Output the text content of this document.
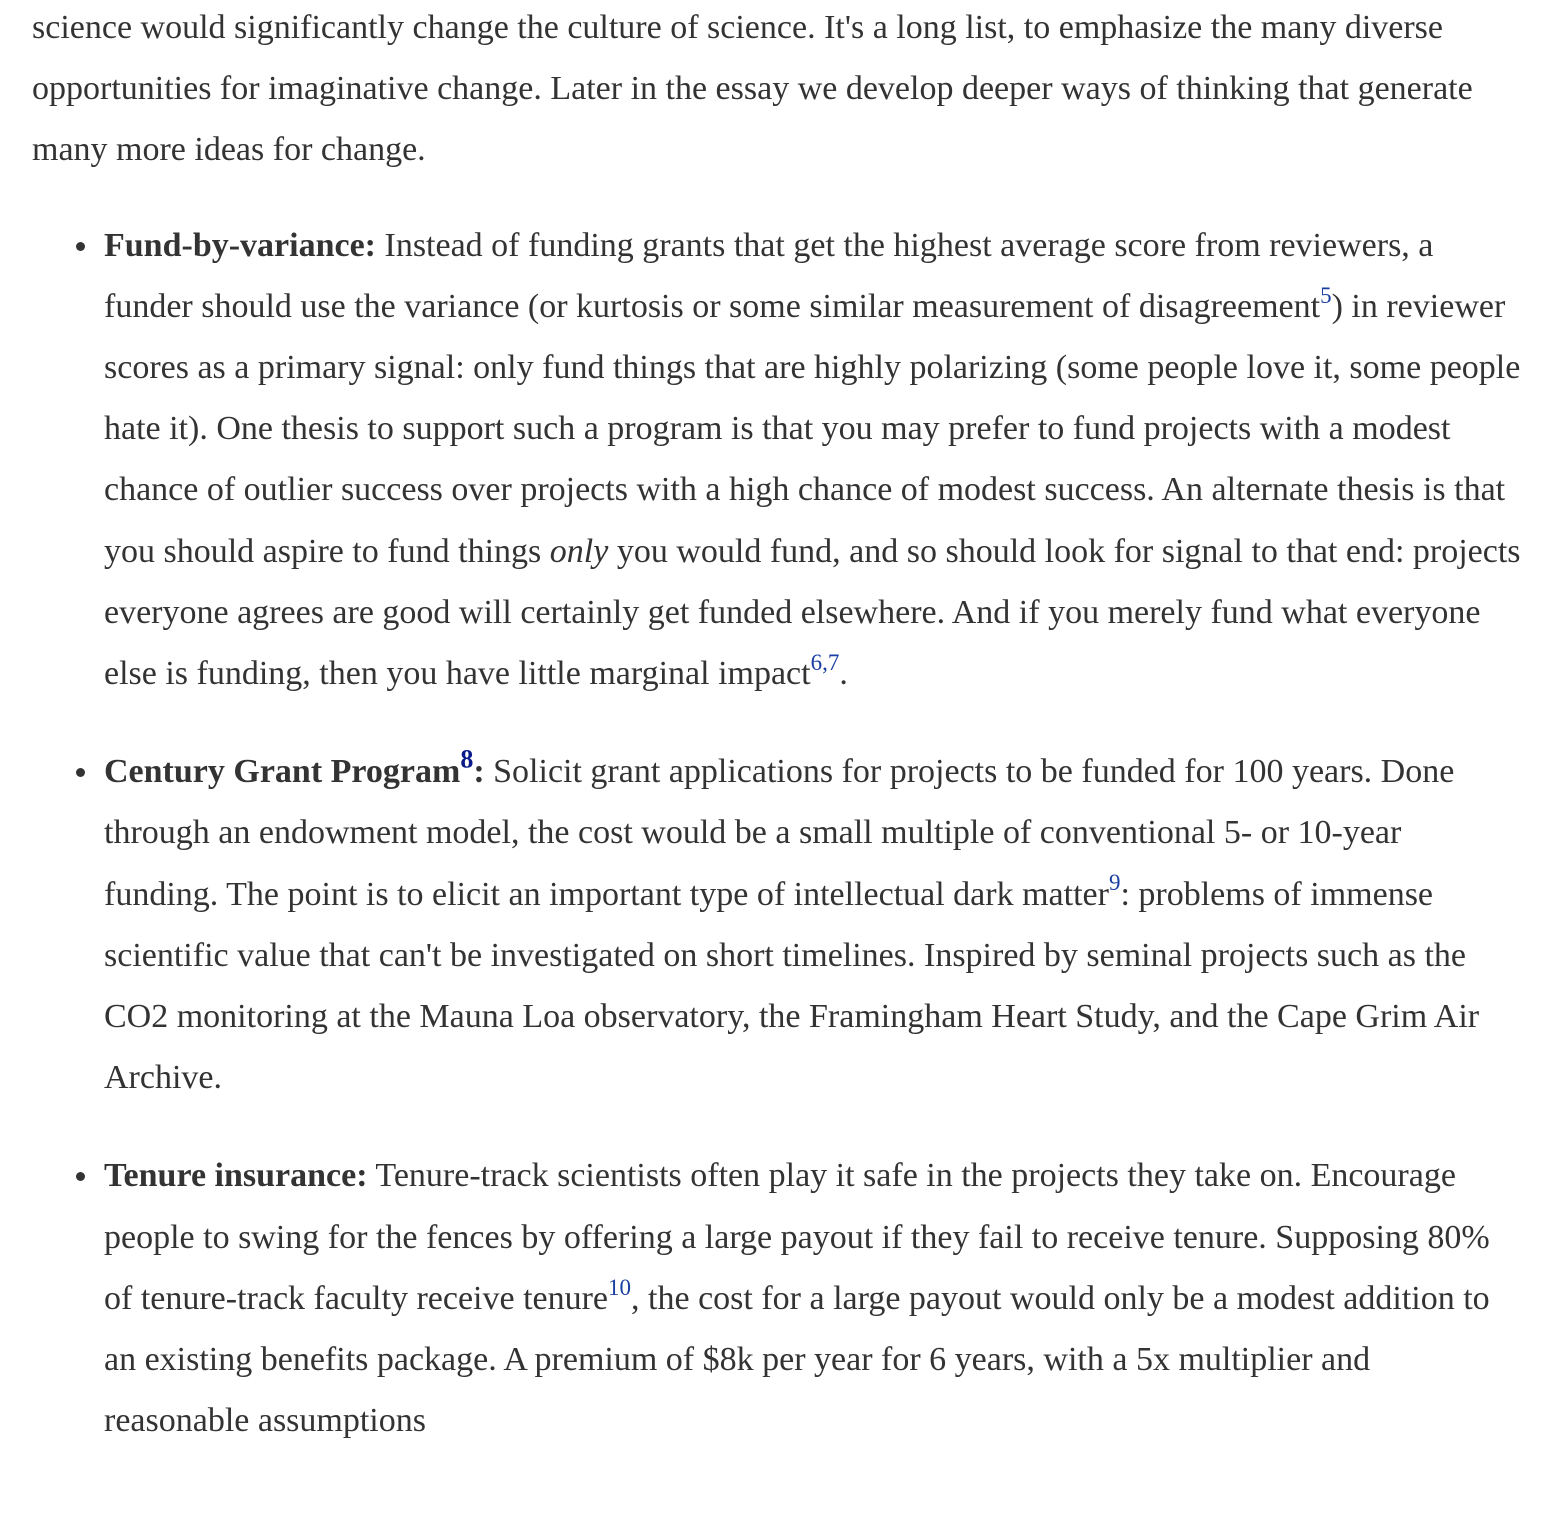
science would significantly change the culture of science. It's a long list, to emphasize the many diverse opportunities for imaginative change. Later in the essay we develop deeper ways of thinking that generate many more ideas for change.

Fund-by-variance: Instead of funding grants that get the highest average score from reviewers, a funder should use the variance (or kurtosis or some similar measurement of disagreement$^5$) in reviewer scores as a primary signal: only fund things that are highly polarizing (some people love it, some people hate it). One thesis to support such a program is that you may prefer to fund projects with a modest chance of outlier success over projects with a high chance of modest success. An alternate thesis is that you should aspire to fund things only you would fund, and so should look for signal to that end: projects everyone agrees are good will certainly get funded elsewhere. And if you merely fund what everyone else is funding, then you have little marginal impact$^{6,7}$.
Century Grant Program$^8$: Solicit grant applications for projects to be funded for 100 years. Done through an endowment model, the cost would be a small multiple of conventional 5- or 10-year funding. The point is to elicit an important type of intellectual dark matter$^9$: problems of immense scientific value that can't be investigated on short timelines. Inspired by seminal projects such as the CO2 monitoring at the Mauna Loa observatory, the Framingham Heart Study, and the Cape Grim Air Archive.
Tenure insurance: Tenure-track scientists often play it safe in the projects they take on. Encourage people to swing for the fences by offering a large payout if they fail to receive tenure. Supposing 80% of tenure-track faculty receive tenure$^{10}$, the cost for a large payout would only be a modest addition to an existing benefits package. A premium of $8k per year for 6 years, with a 5x multiplier and reasonable assumptions
